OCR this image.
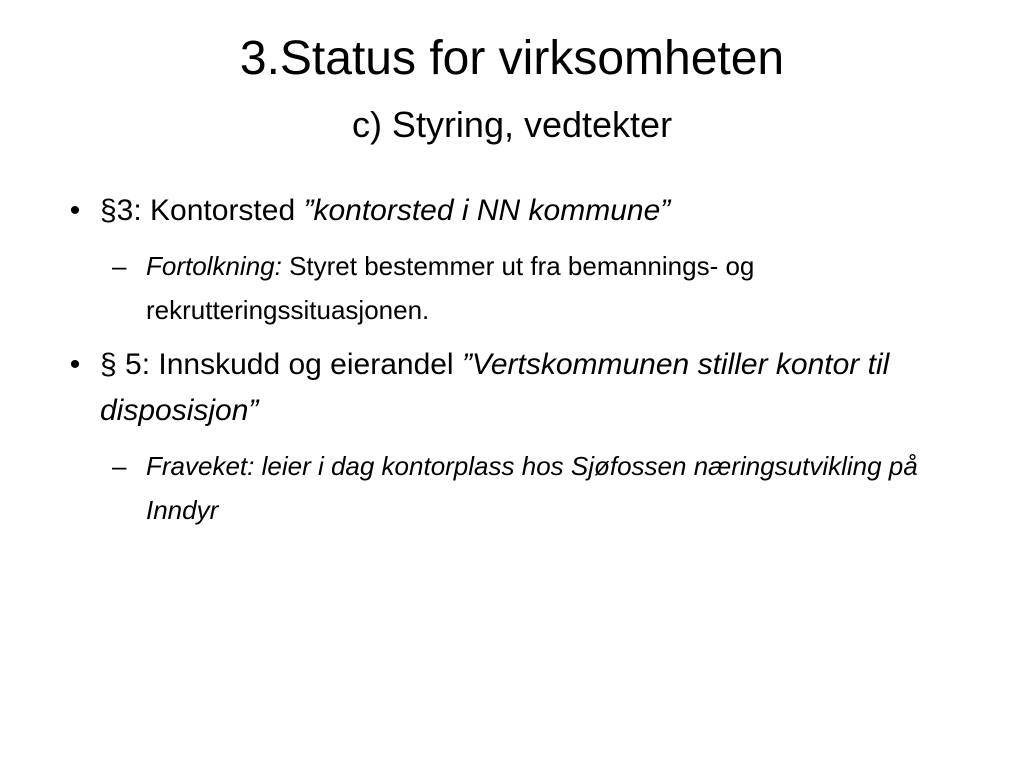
3.Status for virksomheten
c) Styring, vedtekter
• §3: Kontorsted ”kontorsted i NN kommune”
– Fortolkning: Styret bestemmer ut fra bemannings- og rekrutteringssituasjonen.
• § 5: Innskudd og eierandel ”Vertskommunen stiller kontor til disposisjon”
– Fraveket: leier i dag kontorplass hos Sjøfossen næringsutvikling på Inndyr
